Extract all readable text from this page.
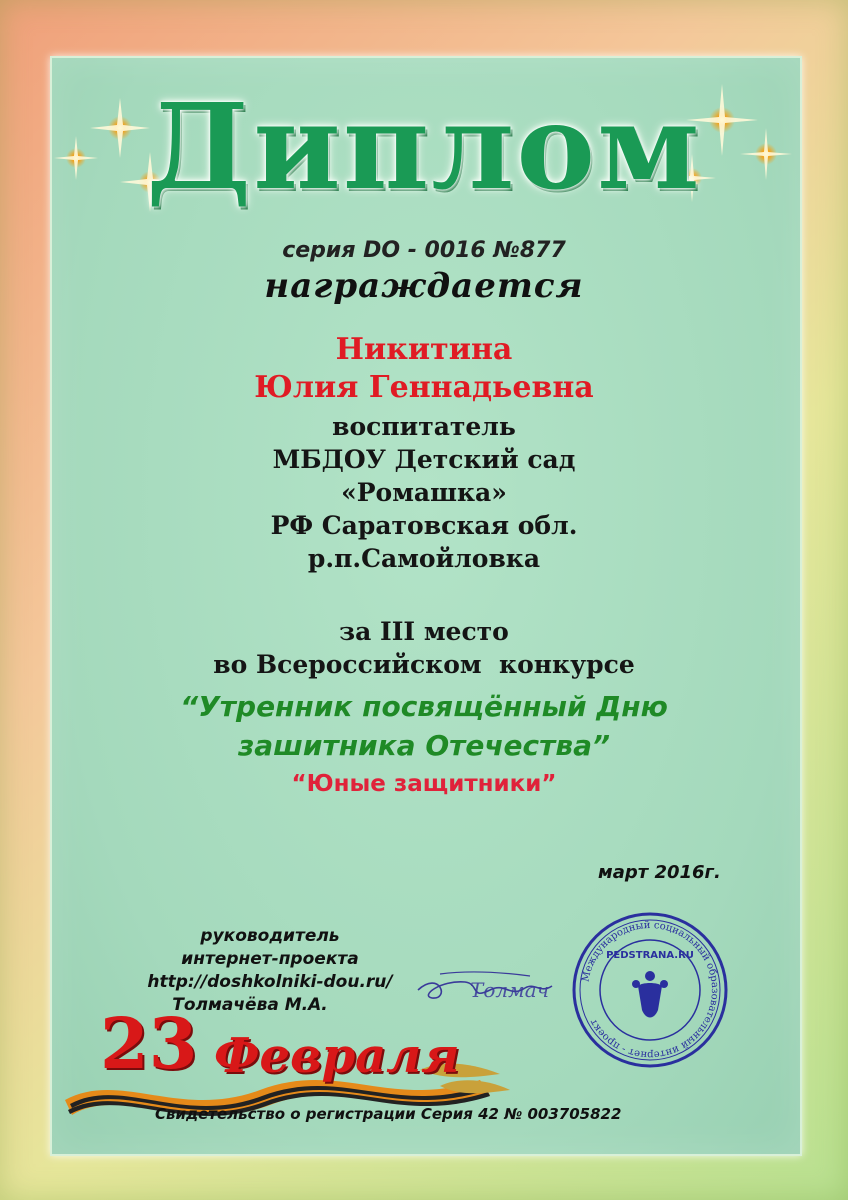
Диплом
серия DO - 0016 №877
награждается
Никитина
Юлия Геннадьевна
воспитатель
МБДОУ Детский сад
«Ромашка»
РФ Саратовская обл.
р.п.Самойловка
за III место
во Всероссийском  конкурсе
“Утренник посвящённый Дню
зашитника Отечества”
“Юные защитники”
март 2016г.
руководитель
интернет-проекта
http://doshkolniki-dou.ru/
Толмачёва М.А.
Толмач
Международный социальный образовательный интернет - проект
PEDSTRANA.RU
23 Февраля
Свидетельство о регистрации Серия 42 № 003705822
